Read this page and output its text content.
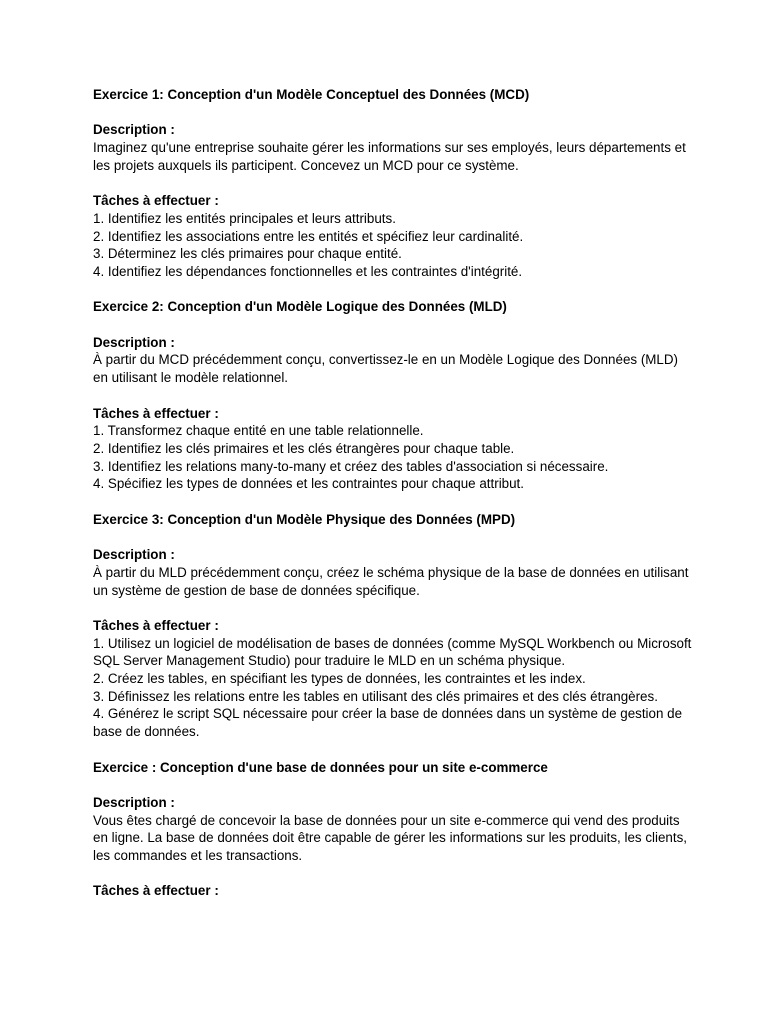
Exercice 1: Conception d'un Modèle Conceptuel des Données (MCD)

Description :

Imaginez qu'une entreprise souhaite gérer les informations sur ses employés, leurs départements et les projets auxquels ils participent. Concevez un MCD pour ce système.

Tâches à effectuer :

1. Identifiez les entités principales et leurs attributs.
2. Identifiez les associations entre les entités et spécifiez leur cardinalité.
3. Déterminez les clés primaires pour chaque entité.
4. Identifiez les dépendances fonctionnelles et les contraintes d'intégrité.

Exercice 2: Conception d'un Modèle Logique des Données (MLD)

Description :

À partir du MCD précédemment conçu, convertissez-le en un Modèle Logique des Données (MLD) en utilisant le modèle relationnel.

Tâches à effectuer :

1. Transformez chaque entité en une table relationnelle.
2. Identifiez les clés primaires et les clés étrangères pour chaque table.
3. Identifiez les relations many-to-many et créez des tables d'association si nécessaire.
4. Spécifiez les types de données et les contraintes pour chaque attribut.

Exercice 3: Conception d'un Modèle Physique des Données (MPD)

Description :

À partir du MLD précédemment conçu, créez le schéma physique de la base de données en utilisant un système de gestion de base de données spécifique.

Tâches à effectuer :

1. Utilisez un logiciel de modélisation de bases de données (comme MySQL Workbench ou Microsoft SQL Server Management Studio) pour traduire le MLD en un schéma physique.
2. Créez les tables, en spécifiant les types de données, les contraintes et les index.
3. Définissez les relations entre les tables en utilisant des clés primaires et des clés étrangères.
4. Générez le script SQL nécessaire pour créer la base de données dans un système de gestion de base de données.

Exercice : Conception d'une base de données pour un site e-commerce

Description :

Vous êtes chargé de concevoir la base de données pour un site e-commerce qui vend des produits en ligne. La base de données doit être capable de gérer les informations sur les produits, les clients, les commandes et les transactions.

Tâches à effectuer :
